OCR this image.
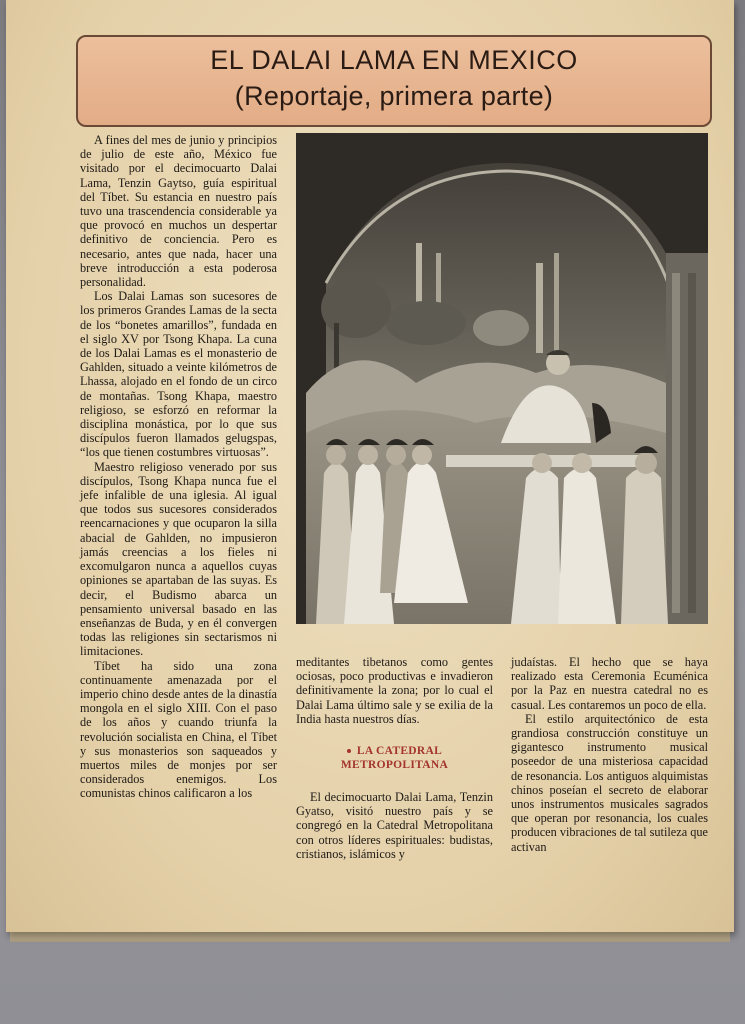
EL DALAI LAMA EN MEXICO
(Reportaje, primera parte)

A fines del mes de junio y principios de julio de este año, México fue visitado por el decimocuarto Dalai Lama, Tenzin Gaytso, guía espiritual del Tíbet. Su estancia en nuestro país tuvo una trascendencia considerable ya que provocó en muchos un despertar definitivo de conciencia. Pero es necesario, antes que nada, hacer una breve introducción a esta poderosa personalidad.

Los Dalai Lamas son sucesores de los primeros Grandes Lamas de la secta de los “bonetes amarillos”, fundada en el siglo XV por Tsong Khapa. La cuna de los Dalai Lamas es el monasterio de Gahlden, situado a veinte kilómetros de Lhassa, alojado en el fondo de un circo de montañas. Tsong Khapa, maestro religioso, se esforzó en reformar la disciplina monástica, por lo que sus discípulos fueron llamados gelugspas, “los que tienen costumbres virtuosas”.

Maestro religioso venerado por sus discípulos, Tsong Khapa nunca fue el jefe infalible de una iglesia. Al igual que todos sus sucesores considerados reencarnaciones y que ocuparon la silla abacial de Gahlden, no impusieron jamás creencias a los fieles ni excomulgaron nunca a aquellos cuyas opiniones se apartaban de las suyas. Es decir, el Budismo abarca un pensamiento universal basado en las enseñanzas de Buda, y en él convergen todas las religiones sin sectarismos ni limitaciones.

Tíbet ha sido una zona continuamente amenazada por el imperio chino desde antes de la dinastía mongola en el siglo XIII. Con el paso de los años y cuando triunfa la revolución socialista en China, el Tíbet y sus monasterios son saqueados y muertos miles de monjes por ser considerados enemigos. Los comunistas chinos calificaron a los

meditantes tibetanos como gentes ociosas, poco productivas e invadieron definitivamente la zona; por lo cual el Dalai Lama último sale y se exilia de la India hasta nuestros días.

LA CATEDRAL
METROPOLITANA

El decimocuarto Dalai Lama, Tenzin Gyatso, visitó nuestro país y se congregó en la Catedral Metropolitana con otros líderes espirituales: budistas, cristianos, islámicos y

judaístas. El hecho que se haya realizado esta Ceremonia Ecuménica por la Paz en nuestra catedral no es casual. Les contaremos un poco de ella.

El estilo arquitectónico de esta grandiosa construcción constituye un gigantesco instrumento musical poseedor de una misteriosa capacidad de resonancia. Los antiguos alquimistas chinos poseían el secreto de elaborar unos instrumentos musicales sagrados que operan por resonancia, los cuales producen vibraciones de tal sutileza que activan
